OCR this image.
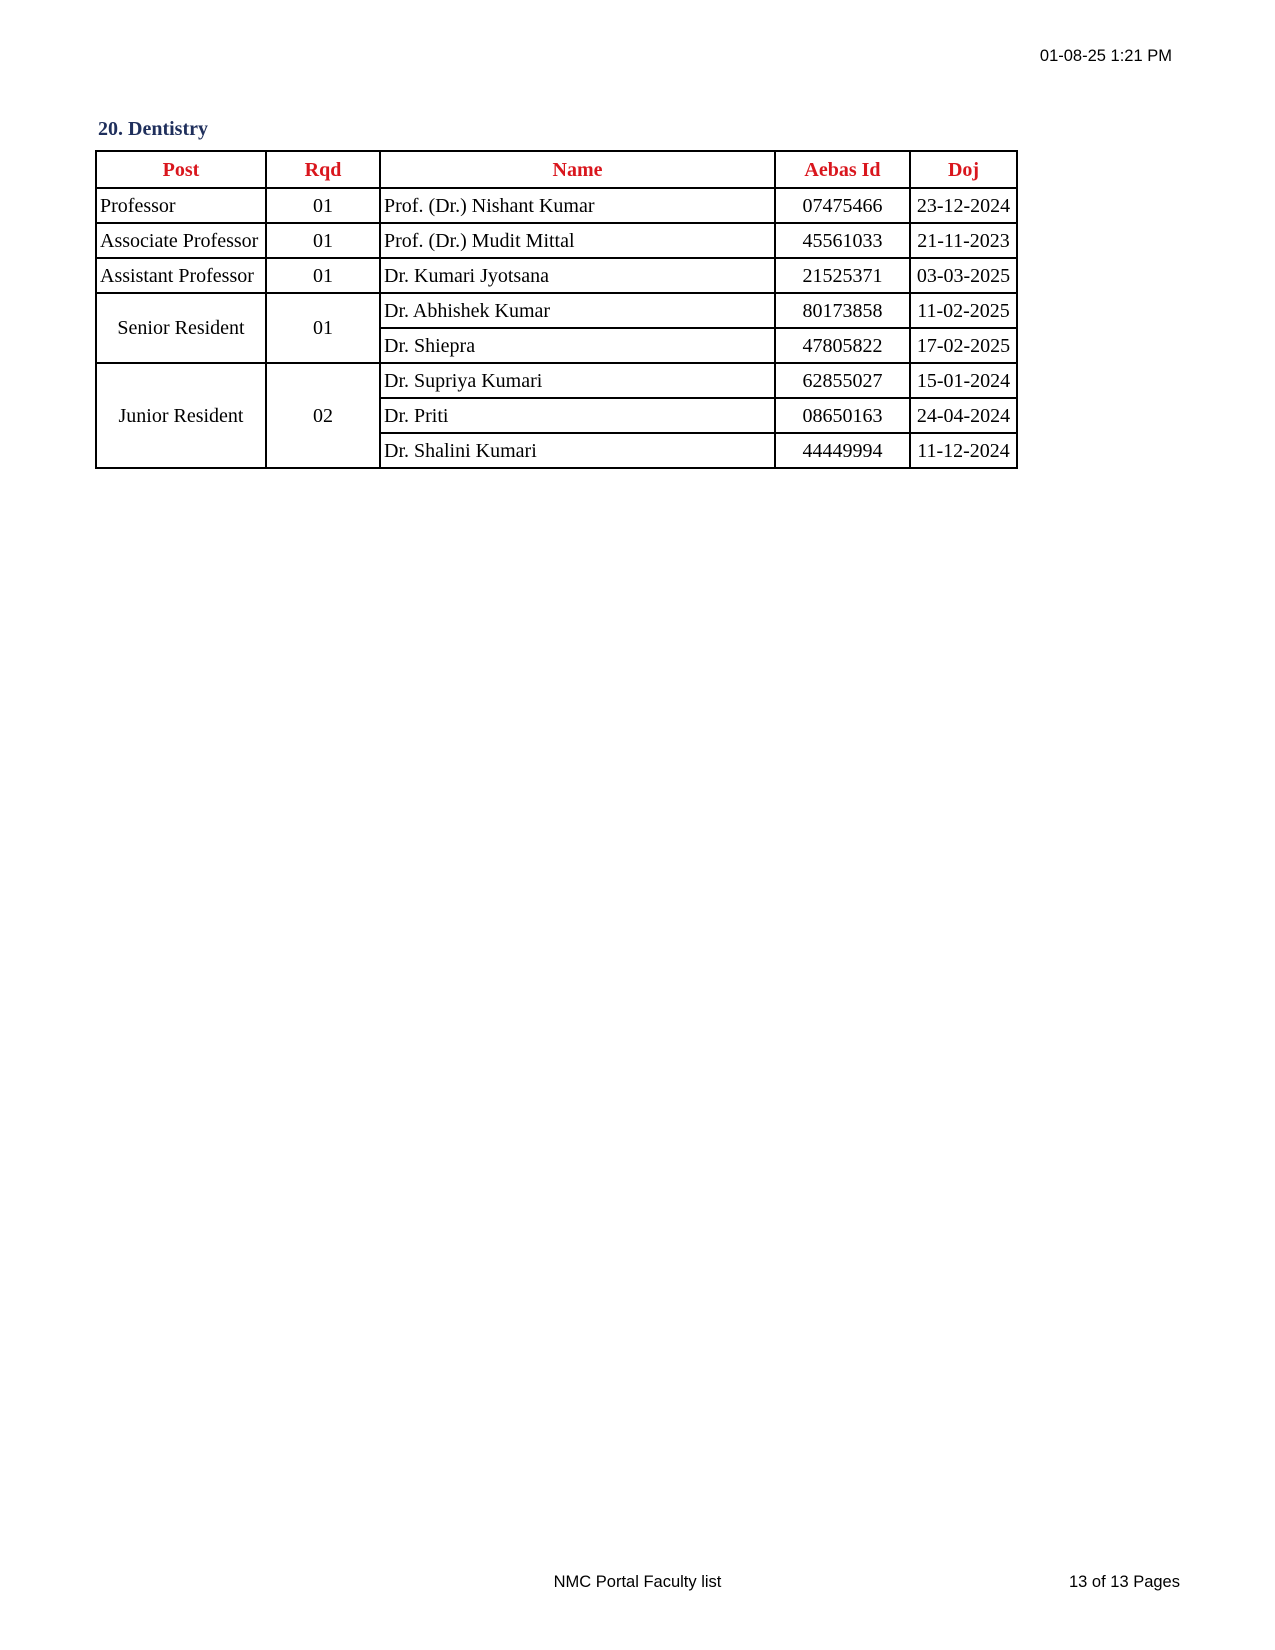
01-08-25 1:21 PM
20. Dentistry
Post	Rqd	Name	Aebas Id	Doj
Professor	01	Prof. (Dr.) Nishant Kumar	07475466	23-12-2024
Associate Professor	01	Prof. (Dr.) Mudit Mittal	45561033	21-11-2023
Assistant Professor	01	Dr. Kumari Jyotsana	21525371	03-03-2025
Senior Resident	01	Dr. Abhishek Kumar	80173858	11-02-2025
		Dr. Shiepra	47805822	17-02-2025
Junior Resident	02	Dr. Supriya Kumari	62855027	15-01-2024
		Dr. Priti	08650163	24-04-2024
		Dr. Shalini Kumari	44449994	11-12-2024
NMC Portal Faculty list	13 of 13 Pages
